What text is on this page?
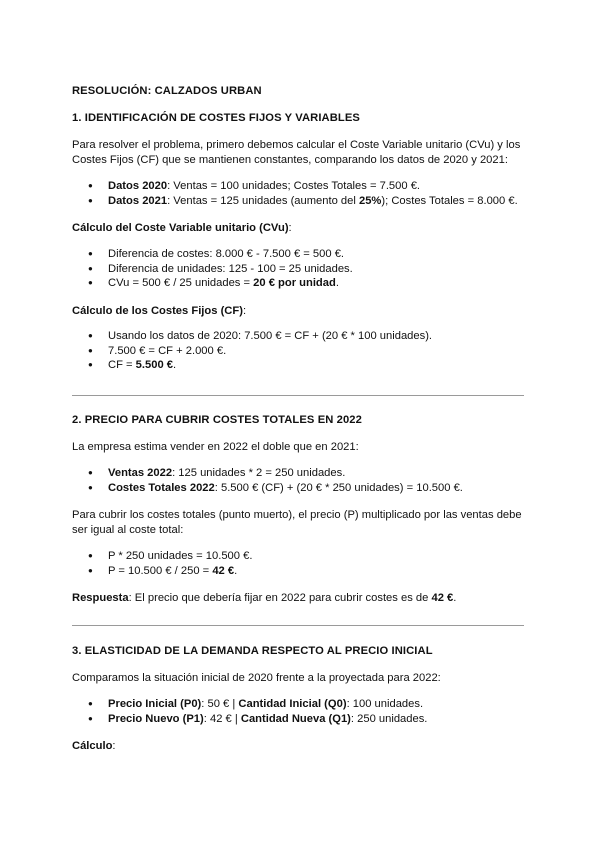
RESOLUCIÓN: CALZADOS URBAN
1. IDENTIFICACIÓN DE COSTES FIJOS Y VARIABLES
Para resolver el problema, primero debemos calcular el Coste Variable unitario (CVu) y los
Costes Fijos (CF) que se mantienen constantes, comparando los datos de 2020 y 2021:
● Datos 2020: Ventas = 100 unidades; Costes Totales = 7.500 €.
● Datos 2021: Ventas = 125 unidades (aumento del 25%); Costes Totales = 8.000 €.
Cálculo del Coste Variable unitario (CVu):
● Diferencia de costes: 8.000 € - 7.500 € = 500 €.
● Diferencia de unidades: 125 - 100 = 25 unidades.
● CVu = 500 € / 25 unidades = 20 € por unidad.
Cálculo de los Costes Fijos (CF):
● Usando los datos de 2020: 7.500 € = CF + (20 € * 100 unidades).
● 7.500 € = CF + 2.000 €.
● CF = 5.500 €.
2. PRECIO PARA CUBRIR COSTES TOTALES EN 2022
La empresa estima vender en 2022 el doble que en 2021:
● Ventas 2022: 125 unidades * 2 = 250 unidades.
● Costes Totales 2022: 5.500 € (CF) + (20 € * 250 unidades) = 10.500 €.
Para cubrir los costes totales (punto muerto), el precio (P) multiplicado por las ventas debe
ser igual al coste total:
● P * 250 unidades = 10.500 €.
● P = 10.500 € / 250 = 42 €.
Respuesta: El precio que debería fijar en 2022 para cubrir costes es de 42 €.
3. ELASTICIDAD DE LA DEMANDA RESPECTO AL PRECIO INICIAL
Comparamos la situación inicial de 2020 frente a la proyectada para 2022:
● Precio Inicial (P0): 50 € | Cantidad Inicial (Q0): 100 unidades.
● Precio Nuevo (P1): 42 € | Cantidad Nueva (Q1): 250 unidades.
Cálculo:
